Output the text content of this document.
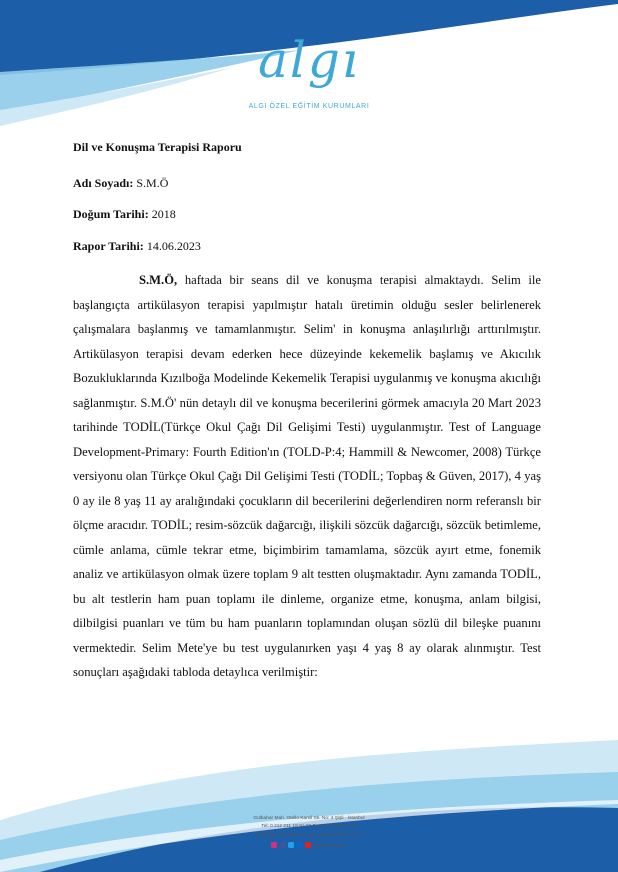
algı
ALGI ÖZEL EĞİTİM KURUMLARI
Dil ve Konuşma Terapisi Raporu
Adı Soyadı: S.M.Ö
Doğum Tarihi: 2018
Rapor Tarihi: 14.06.2023

S.M.Ö, haftada bir seans dil ve konuşma terapisi almaktaydı. Selim ile başlangıçta artikülasyon terapisi yapılmıştır hatalı üretimin olduğu sesler belirlenerek çalışmalara başlanmış ve tamamlanmıştır. Selim' in konuşma anlaşılırlığı arttırılmıştır. Artikülasyon terapisi devam ederken hece düzeyinde kekemelik başlamış ve Akıcılık Bozukluklarında Kızılboğa Modelinde Kekemelik Terapisi uygulanmış ve konuşma akıcılığı sağlanmıştır. S.M.Ö' nün detaylı dil ve konuşma becerilerini görmek amacıyla 20 Mart 2023 tarihinde TODİL(Türkçe Okul Çağı Dil Gelişimi Testi) uygulanmıştır. Test of Language Development-Primary: Fourth Edition'ın (TOLD-P:4; Hammill & Newcomer, 2008) Türkçe versiyonu olan Türkçe Okul Çağı Dil Gelişimi Testi (TODİL; Topbaş & Güven, 2017), 4 yaş 0 ay ile 8 yaş 11 ay aralığındaki çocukların dil becerilerini değerlendiren norm referanslı bir ölçme aracıdır. TODİL; resim-sözcük dağarcığı, ilişkili sözcük dağarcığı, sözcük betimleme, cümle anlama, cümle tekrar etme, biçimbirim tamamlama, sözcük ayırt etme, fonemik analiz ve artikülasyon olmak üzere toplam 9 alt testten oluşmaktadır. Aynı zamanda TODİL, bu alt testlerin ham puan toplamı ile dinleme, organize etme, konuşma, anlam bilgisi, dilbilgisi puanları ve tüm bu ham puanların toplamından oluşan sözlü dil bileşke puanını vermektedir. Selim Mete'ye bu test uygulanırken yaşı 4 yaş 8 ay olarak alınmıştır. Test sonuçları aşağıdaki tabloda detaylıca verilmiştir:

Gülbahar Mah. Otello Kamil Sk. No: 4 Şişli - İstanbul
Tel: 0 212 211 18 91-92 Fax:0 212 212 57 55
info@algiozelegitim.com www.algiozelegitim.com.tr
@algiozelegitim
